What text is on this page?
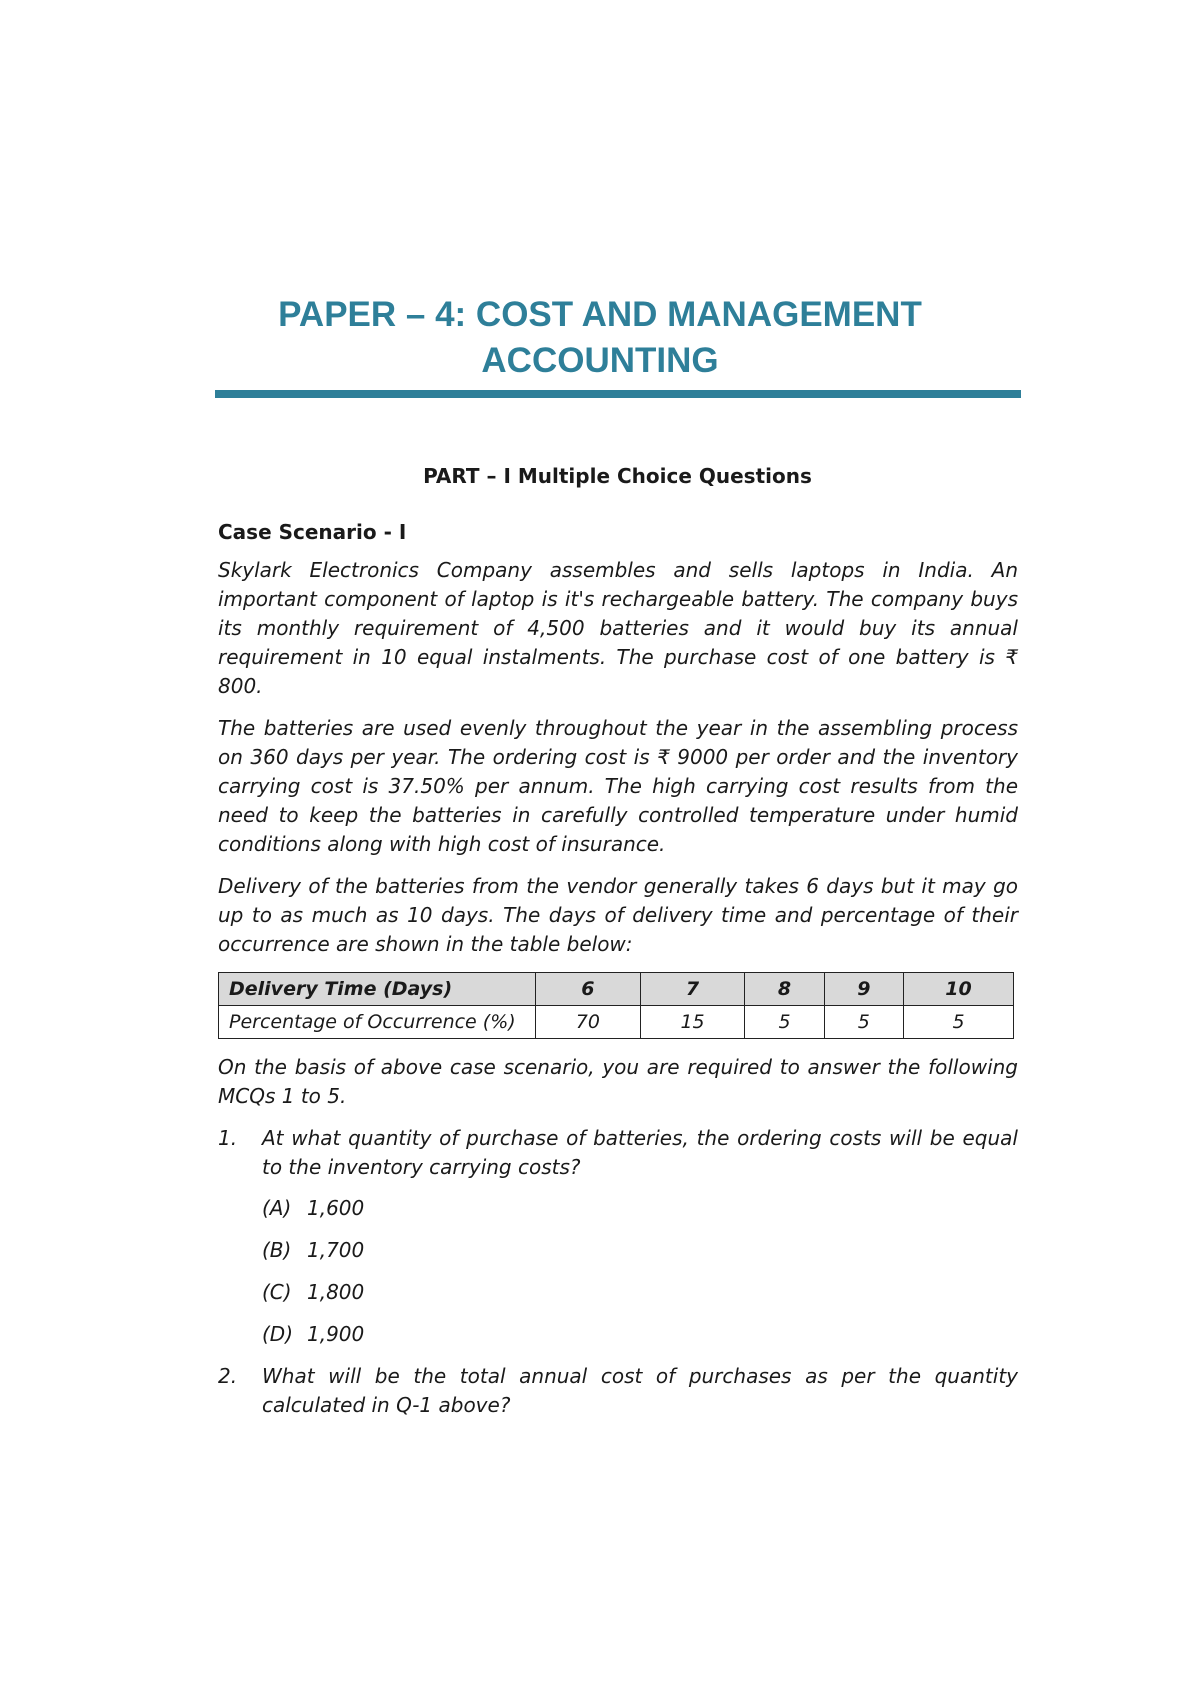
PAPER – 4: COST AND MANAGEMENT
ACCOUNTING
PART – I Multiple Choice Questions
Case Scenario - I

Skylark Electronics Company assembles and sells laptops in India. An important component of laptop is it's rechargeable battery. The company buys its monthly requirement of 4,500 batteries and it would buy its annual requirement in 10 equal instalments. The purchase cost of one battery is ₹ 800.

The batteries are used evenly throughout the year in the assembling process on 360 days per year. The ordering cost is ₹ 9000 per order and the inventory carrying cost is 37.50% per annum. The high carrying cost results from the need to keep the batteries in carefully controlled temperature under humid conditions along with high cost of insurance.

Delivery of the batteries from the vendor generally takes 6 days but it may go up to as much as 10 days. The days of delivery time and percentage of their occurrence are shown in the table below:

Delivery Time (Days)	6	7	8	9	10
Percentage of Occurrence (%)	70	15	5	5	5

On the basis of above case scenario, you are required to answer the following MCQs 1 to 5.

1.	At what quantity of purchase of batteries, the ordering costs will be equal to the inventory carrying costs?
(A) 1,600
(B) 1,700
(C) 1,800
(D) 1,900
2.	What will be the total annual cost of purchases as per the quantity calculated in Q-1 above?
